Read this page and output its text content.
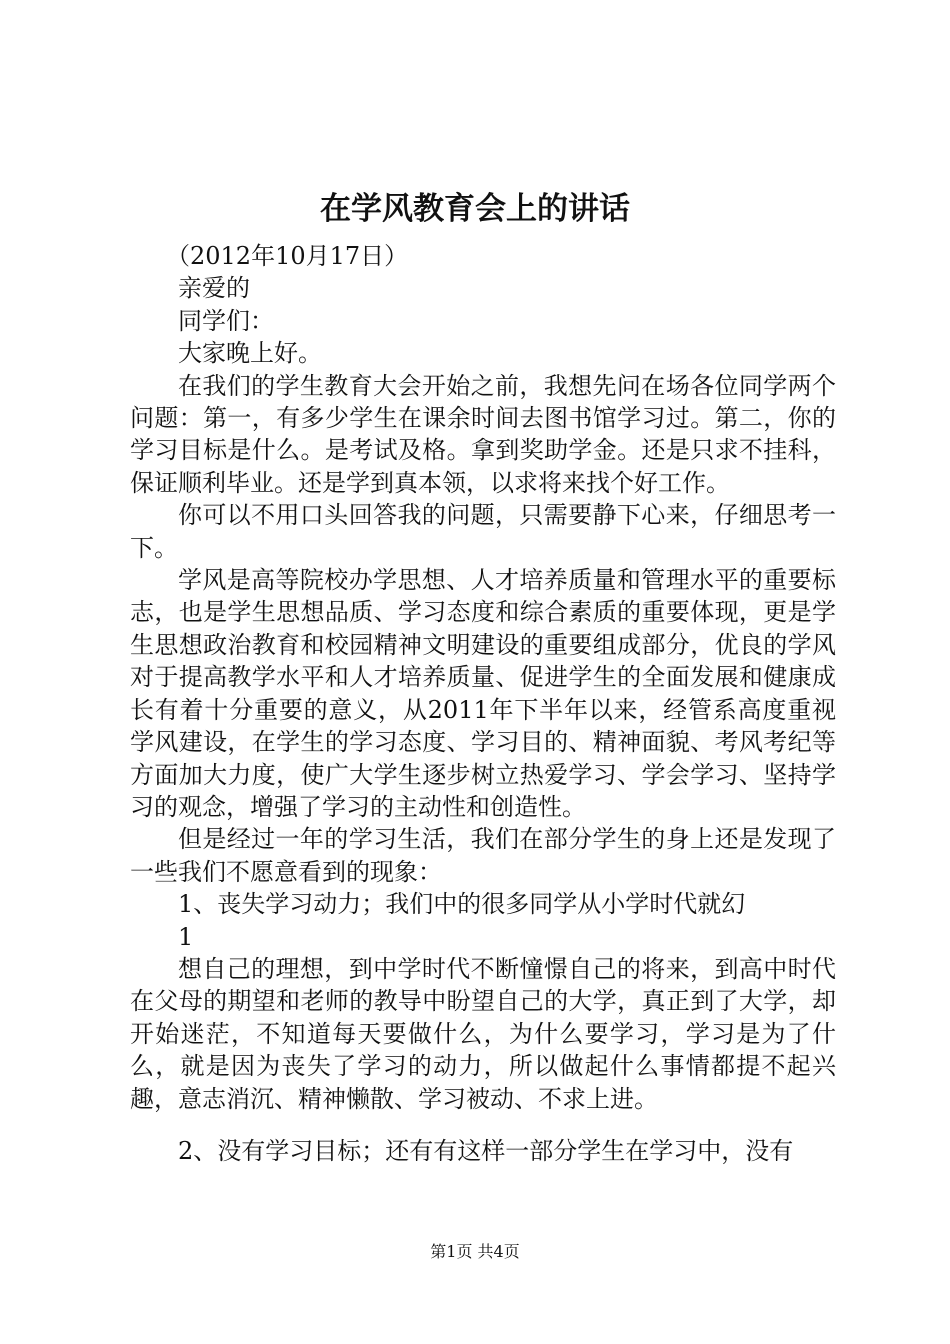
在学风教育会上的讲话

（2012年10月17日）

亲爱的

同学们：

大家晚上好。

在我们的学生教育大会开始之前，我想先问在场各位同学两个问题：第一，有多少学生在课余时间去图书馆学习过。第二，你的学习目标是什么。是考试及格。拿到奖助学金。还是只求不挂科，保证顺利毕业。还是学到真本领，以求将来找个好工作。

你可以不用口头回答我的问题，只需要静下心来，仔细思考一下。

学风是高等院校办学思想、人才培养质量和管理水平的重要标志，也是学生思想品质、学习态度和综合素质的重要体现，更是学生思想政治教育和校园精神文明建设的重要组成部分，优良的学风对于提高教学水平和人才培养质量、促进学生的全面发展和健康成长有着十分重要的意义，从2011年下半年以来，经管系高度重视学风建设，在学生的学习态度、学习目的、精神面貌、考风考纪等方面加大力度，使广大学生逐步树立热爱学习、学会学习、坚持学习的观念，增强了学习的主动性和创造性。

但是经过一年的学习生活，我们在部分学生的身上还是发现了一些我们不愿意看到的现象：

1、丧失学习动力；我们中的很多同学从小学时代就幻

1

想自己的理想，到中学时代不断憧憬自己的将来，到高中时代在父母的期望和老师的教导中盼望自己的大学，真正到了大学，却开始迷茫，不知道每天要做什么，为什么要学习，学习是为了什么，就是因为丧失了学习的动力，所以做起什么事情都提不起兴趣，意志消沉、精神懒散、学习被动、不求上进。

2、没有学习目标；还有有这样一部分学生在学习中，没有

第1页 共4页
